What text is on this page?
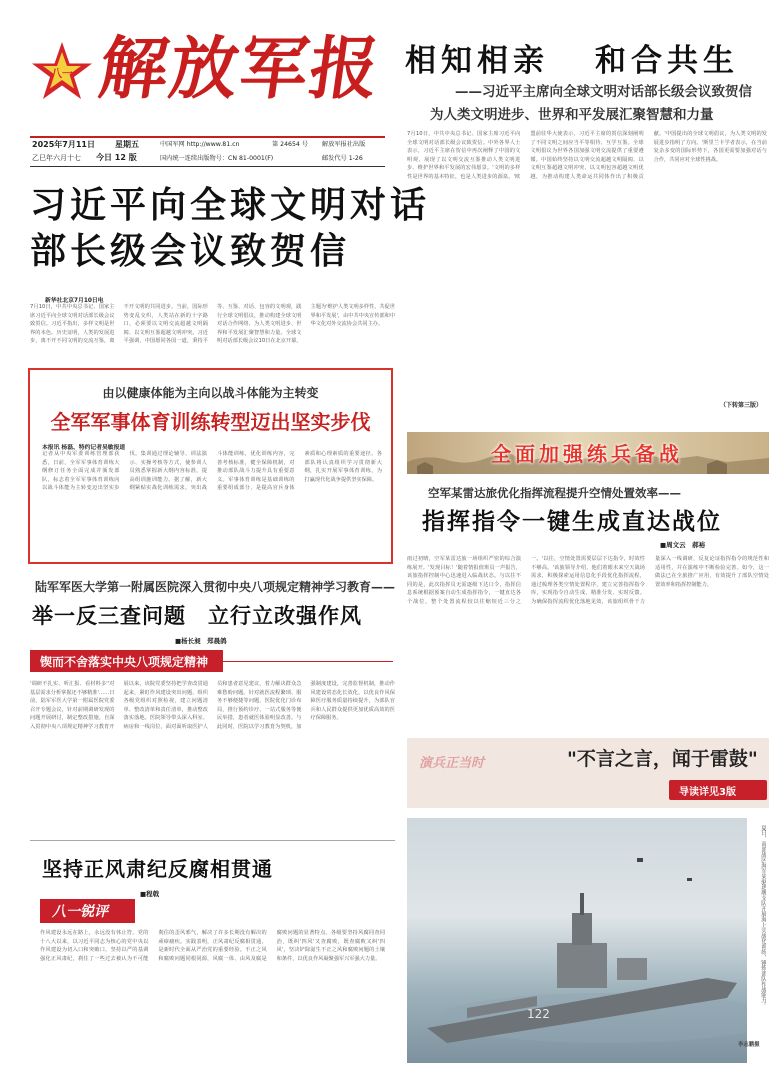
八一 解放军报
2025年7月11日	星期五	中国军网 http://www.81.cn	第 24654 号 解放军报社出版
乙巳年六月十七 今日 12 版	国内统一连续出版物号：CN 81-0001(F)	邮发代号 1-26
相知相亲 和合共生
——习近平主席向全球文明对话部长级会议致贺信
为人类文明进步、世界和平发展汇聚智慧和力量
7月10日，中共中央总书记、国家主席习近平向全球文明对话部长级会议致贺信。中外各界人士表示，习近平主席在贺信中再次阐释了中国的文明观，展现了以文明交流互鉴推动人类文明进步、维护世界和平发展的宏伟愿景。'文明的多样性是世界的基本特征，也是人类进步的源泉。'欧盟前驻华大使表示，习近平主席的贺信深刻阐明了不同文明之间应当平等相待、互学互鉴。全球文明倡议为世界各国加强文明交流提供了重要遵循。中国始终坚持以文明交流超越文明隔阂、以文明互鉴超越文明冲突、以文明包容超越文明优越，为推动构建人类命运共同体作出了积极贡献。'中国提出的全球文明倡议，为人类文明的发展进步指明了方向。'斯里兰卡学者表示，在当前复杂多变的国际形势下，各国更需要加强对话与合作，共同应对全球性挑战。
（下转第三版）
习近平向全球文明对话
部长级会议致贺信
新华社北京7月10日电
7月10日，中共中央总书记、国家主席习近平向全球文明对话部长级会议致贺信。习近平指出，多样文明是世界的本色。历史证明，人类的发展进步，离不开不同文明的交流互鉴，离不开文明的共同进步。当前，国际形势变乱交织，人类站在新的十字路口，必须要以文明交流超越文明隔阂、以文明互鉴超越文明冲突。习近平强调，中国愿同各国一道，秉持平等、互鉴、对话、包容的文明观，践行全球文明倡议，推动构建全球文明对话合作网络，为人类文明进步、世界和平发展汇聚智慧和力量。全球文明对话部长级会议10日在北京开幕，主题为'维护人类文明多样性，共促世界和平发展'，由中共中央宣传部和中华文化对外交流协会共同主办。
由以健康体能为主向以战斗体能为主转变
全军军事体育训练转型迈出坚实步伐
本报讯 杨磊、特约记者吴敏报道
记者从中央军委训练管理部获悉，日前，全军军事体育训练大纲修订任务全面完成并颁发部队，标志着全军军事体育训练向以战斗体能为主转变迈出坚实步伐。集训通过理论辅导、训法演示、实操考核等方式，使参训人员熟悉掌握新大纲内容标准，提高组训施训能力。据了解，新大纲紧贴实战化训练需求，突出战斗体能训练，优化训练内容，完善考核标准，健全保障机制，对推动部队战斗力提升具有重要意义。军事体育训练是基础训练的重要组成部分，是提高官兵身体素质和心理素质的重要途径。各部队将认真组织学习贯彻新大纲，扎实开展军事体育训练，为打赢现代化战争提供坚实保障。
全面加强练兵备战
空军某雷达旅优化指挥流程提升空情处置效率——
指挥指令一键生成直达战位
■周文云　郝裕
雨过初晴，空军某雷达旅一场组织严密的综合演练展开。'发现目标！'随着情报值班员一声报告，该旅指挥控制中心迅速进入临战状态。与以往不同的是，此次指挥员无需逐级下达口令，指挥信息系统根据预案自动生成指挥指令，一键直达各个战位，整个处置流程较以往缩短近三分之一。'以往，空情处置需要层层下达指令，时效性不够高。'该旅领导介绍，他们着眼未来空天战场需求，积极探索运用信息化手段优化指挥流程，通过梳理各类空情处置程序，建立完善指挥指令库，实现指令自动生成、精准分发、实时反馈。为确保指挥流程优化落地见效，该旅组织骨干力量深入一线调研，反复论证指挥指令的规范性和适用性，并在演练中不断检验完善。如今，这一做法已在全旅推广应用，有效提升了部队空情处置效率和指挥控制能力。
陆军军医大学第一附属医院深入贯彻中央八项规定精神学习教育——
举一反三查问题　立行立改强作风
■杨长昶　郑晨鸽
锲而不舍落实中央八项规定精神
'调研不扎实、听汇报、看材料多''对基层需求分析掌握还不够精准'……日前，陆军军医大学第一附属医院党委召开专题会议，针对前期调研发现的问题开展研讨，制定整改措施。自深入贯彻中央八项规定精神学习教育开展以来，该院党委坚持把学查改贯通起来，紧盯作风建设突出问题，组织各级党组织对照检视，建立问题清单、整改清单和责任清单，推动整改落实落地。医院领导带头深入科室、病房和一线岗位，面对面听取医护人员和患者意见建议，着力解决群众急难愁盼问题。针对就医流程繁琐、服务不够便捷等问题，医院优化门诊布局，推行预约诊疗、一站式服务等便民举措，患者就医体验明显改善。与此同时，医院以学习教育为契机，加强制度建设，完善监督机制，推动作风建设常态化长效化，以优良作风保障医疗服务质量持续提升，为部队官兵和人民群众提供更加优质高效的医疗保障服务。
演兵正当时	"不言之言，闻于雷鼓"
导读详见3版
坚持正风肃纪反腐相贯通
■程戟
八一锐评
作风建设永远在路上，永远没有休止符。党的十八大以来，以习近平同志为核心的党中央以作风建设为切入口和突破口，坚持以严的基调强化正风肃纪，刹住了一些过去被认为不可能刹住的歪风邪气，解决了许多长期没有解决的顽瘴痼疾。实践表明，正风肃纪反腐相贯通，是新时代全面从严治党的重要经验。不正之风和腐败问题同根同源，风腐一体、由风及腐是腐败问题的显著特点。各级要坚持风腐同查同治，既纠'四风'又查腐败，既查腐败又纠'四风'，坚决铲除滋生不正之风和腐败问题的土壤和条件，以优良作风凝聚强军兴军强大力量。
122
夏日，南部战区海军某驱逐舰支队开展海上实战化训练，锤炼部队作战能力。
李志鹏摄
